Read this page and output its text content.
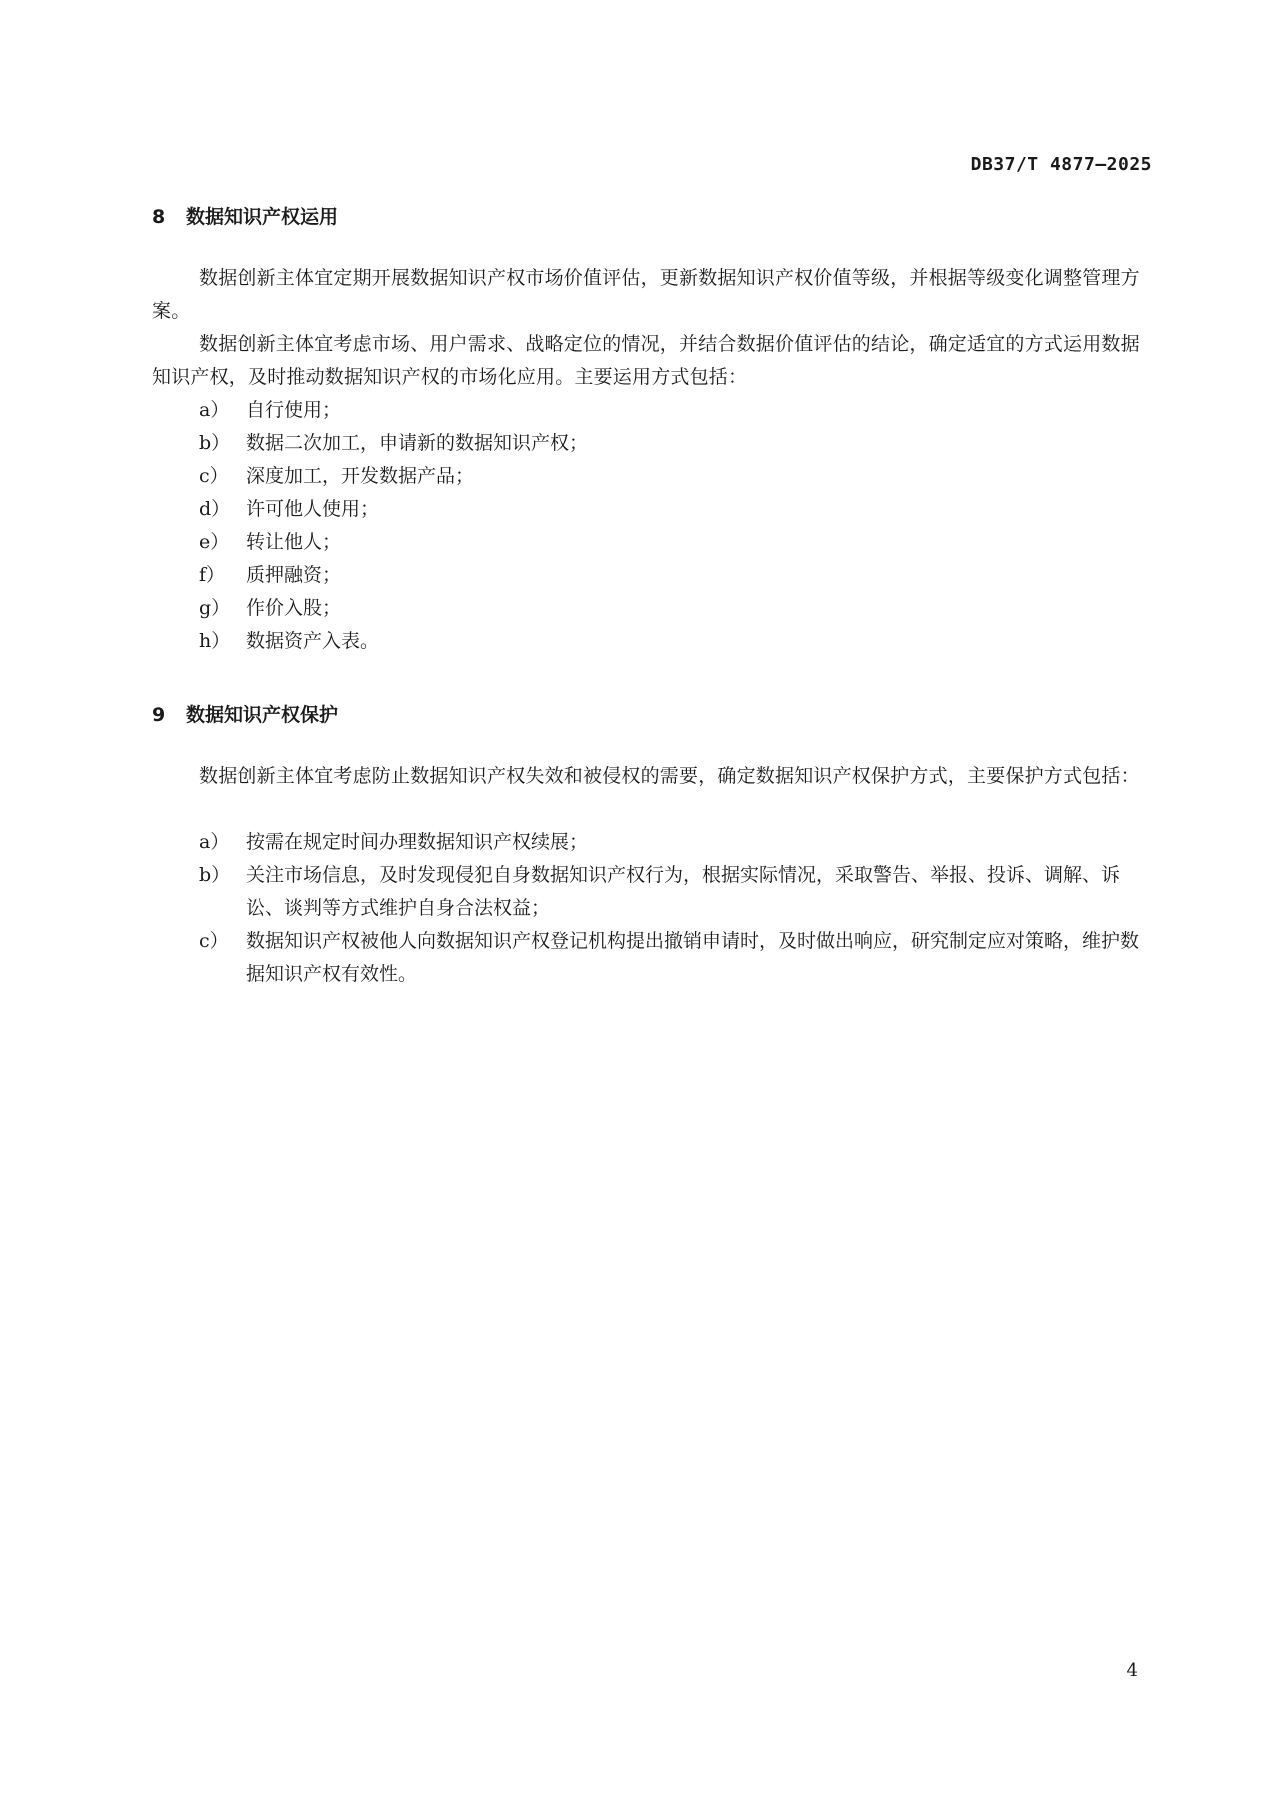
DB37/T 4877—2025
8 数据知识产权运用
数据创新主体宜定期开展数据知识产权市场价值评估，更新数据知识产权价值等级，并根据等级变化调整管理方案。
数据创新主体宜考虑市场、用户需求、战略定位的情况，并结合数据价值评估的结论，确定适宜的方式运用数据知识产权，及时推动数据知识产权的市场化应用。主要运用方式包括：
a） 自行使用；
b） 数据二次加工，申请新的数据知识产权；
c） 深度加工，开发数据产品；
d） 许可他人使用；
e） 转让他人；
f）	质押融资；
g） 作价入股；
h） 数据资产入表。
9 数据知识产权保护
数据创新主体宜考虑防止数据知识产权失效和被侵权的需要，确定数据知识产权保护方式，主要保护方式包括：
a） 按需在规定时间办理数据知识产权续展；
b） 关注市场信息，及时发现侵犯自身数据知识产权行为，根据实际情况，采取警告、举报、投诉、调解、诉讼、谈判等方式维护自身合法权益；
c） 数据知识产权被他人向数据知识产权登记机构提出撤销申请时，及时做出响应，研究制定应对策略，维护数据知识产权有效性。
4
